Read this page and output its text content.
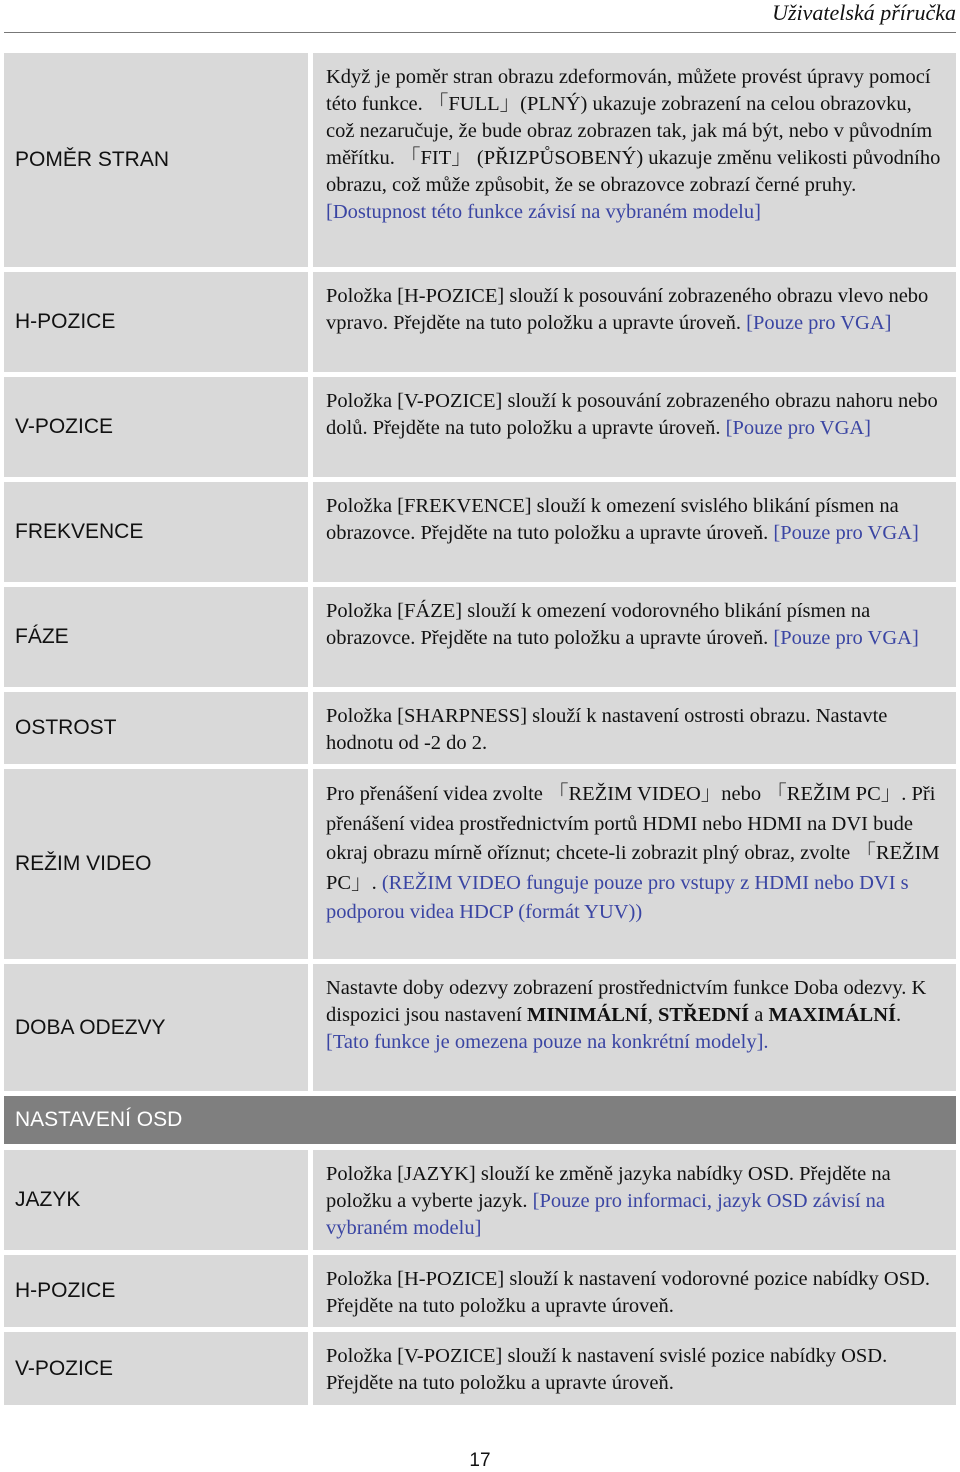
Uživatelská příručka
POMĚR STRAN
Když je poměr stran obrazu zdeformován, můžete provést úpravy pomocí této funkce. 「FULL」(PLNÝ) ukazuje zobrazení na celou obrazovku, což nezaručuje, že bude obraz zobrazen tak, jak má být, nebo v původním měřítku. 「FIT」 (PŘIZPŮSOBENÝ) ukazuje změnu velikosti původního obrazu, což může způsobit, že se obrazovce zobrazí černé pruhy. [Dostupnost této funkce závisí na vybraném modelu]
H-POZICE
Položka [H-POZICE] slouží k posouvání zobrazeného obrazu vlevo nebo vpravo. Přejděte na tuto položku a upravte úroveň. [Pouze pro VGA]
V-POZICE
Položka [V-POZICE] slouží k posouvání zobrazeného obrazu nahoru nebo dolů. Přejděte na tuto položku a upravte úroveň. [Pouze pro VGA]
FREKVENCE
Položka [FREKVENCE] slouží k omezení svislého blikání písmen na obrazovce. Přejděte na tuto položku a upravte úroveň. [Pouze pro VGA]
FÁZE
Položka [FÁZE] slouží k omezení vodorovného blikání písmen na obrazovce. Přejděte na tuto položku a upravte úroveň. [Pouze pro VGA]
OSTROST	Položka [SHARPNESS] slouží k nastavení ostrosti obrazu. Nastavte hodnotu od -2 do 2.
REŽIM VIDEO
Pro přenášení videa zvolte 「REŽIM VIDEO」nebo 「REŽIM PC」. Při přenášení videa prostřednictvím portů HDMI nebo HDMI na DVI bude okraj obrazu mírně oříznut; chcete-li zobrazit plný obraz, zvolte 「REŽIM PC」. (REŽIM VIDEO funguje pouze pro vstupy z HDMI nebo DVI s podporou videa HDCP (formát YUV))
DOBA ODEZVY
Nastavte doby odezvy zobrazení prostřednictvím funkce Doba odezvy. K dispozici jsou nastavení MINIMÁLNÍ, STŘEDNÍ a MAXIMÁLNÍ. [Tato funkce je omezena pouze na konkrétní modely].
NASTAVENÍ OSD
JAZYK
Položka [JAZYK] slouží ke změně jazyka nabídky OSD. Přejděte na položku a vyberte jazyk. [Pouze pro informaci, jazyk OSD závisí na vybraném modelu]
H-POZICE	Položka [H-POZICE] slouží k nastavení vodorovné pozice nabídky OSD. Přejděte na tuto položku a upravte úroveň.
V-POZICE
Položka [V-POZICE] slouží k nastavení svislé pozice nabídky OSD. Přejděte na tuto položku a upravte úroveň.
17
